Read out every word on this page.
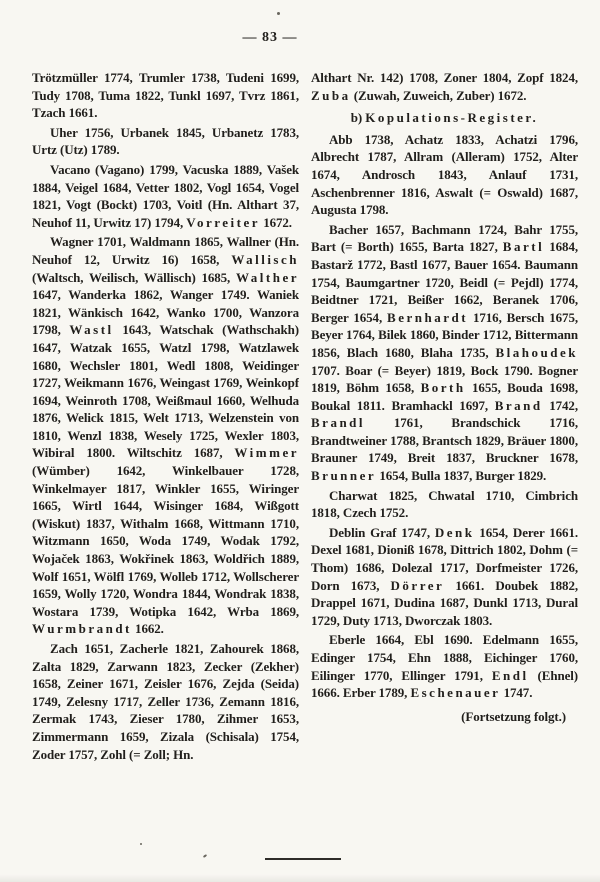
— 83 —

Trötzmüller 1774, Trumler 1738, Tudeni 1699, Tudy 1708, Tuma 1822, Tunkl 1697, Tvrz 1861, Tzach 1661.

Uher 1756, Urbanek 1845, Urbanetz 1783, Urtz (Utz) 1789.

Vacano (Vagano) 1799, Vacuska 1889, Vašek 1884, Veigel 1684, Vetter 1802, Vogl 1654, Vogel 1821, Vogt (Bockt) 1703, Voitl (Hn. Althart 37, Neuhof 11, Urwitz 17) 1794, Vorreiter 1672.

Wagner 1701, Waldmann 1865, Wallner (Hn. Neuhof 12, Urwitz 16) 1658, Wallisch (Waltsch, Weilisch, Wällisch) 1685, Walther 1647, Wanderka 1862, Wanger 1749. Waniek 1821, Wänkisch 1642, Wanko 1700, Wanzora 1798, Wastl 1643, Watschak (Wathschakh) 1647, Watzak 1655, Watzl 1798, Watzlawek 1680, Wechsler 1801, Wedl 1808, Weidinger 1727, Weikmann 1676, Weingast 1769, Weinkopf 1694, Weinroth 1708, Weißmaul 1660, Welhuda 1876, Welick 1815, Welt 1713, Welzenstein von 1810, Wenzl 1838, Wesely 1725, Wexler 1803, Wibiral 1800. Wiltschitz 1687, Wimmer (Wümber) 1642, Winkelbauer 1728, Winkelmayer 1817, Winkler 1655, Wiringer 1665, Wirtl 1644, Wisinger 1684, Wißgott (Wiskut) 1837, Withalm 1668, Wittmann 1710, Witzmann 1650, Woda 1749, Wodak 1792, Wojaček 1863, Wokřinek 1863, Woldřich 1889, Wolf 1651, Wölfl 1769, Wolleb 1712, Wollscherer 1659, Wolly 1720, Wondra 1844, Wondrak 1838, Wostara 1739, Wotipka 1642, Wrba 1869, Wurmbrandt 1662.

Zach 1651, Zacherle 1821, Zahourek 1868, Zalta 1829, Zarwann 1823, Zecker (Zekher) 1658, Zeiner 1671, Zeisler 1676, Zejda (Seida) 1749, Zelesny 1717, Zeller 1736, Zemann 1816, Zermak 1743, Zieser 1780, Zihmer 1653, Zimmermann 1659, Zizala (Schisala) 1754, Zoder 1757, Zohl (= Zoll; Hn.

Althart Nr. 142) 1708, Zoner 1804, Zopf 1824, Zuba (Zuwah, Zuweich, Zuber) 1672.

b) Kopulations-Register.

Abb 1738, Achatz 1833, Achatzi 1796, Albrecht 1787, Allram (Alleram) 1752, Alter 1674, Androsch 1843, Anlauf 1731, Aschenbrenner 1816, Aswalt (= Oswald) 1687, Augusta 1798.

Bacher 1657, Bachmann 1724, Bahr 1755, Bart (= Borth) 1655, Barta 1827, Bartl 1684, Bastarž 1772, Bastl 1677, Bauer 1654. Baumann 1754, Baumgartner 1720, Beidl (= Pejdl) 1774, Beidtner 1721, Beißer 1662, Beranek 1706, Berger 1654, Bernhardt 1716, Bersch 1675, Beyer 1764, Bilek 1860, Binder 1712, Bittermann 1856, Blach 1680, Blaha 1735, Blahoudek 1707. Boar (= Beyer) 1819, Bock 1790. Bogner 1819, Böhm 1658, Borth 1655, Bouda 1698, Boukal 1811. Bramhackl 1697, Brand 1742, Brandl 1761, Brandschick 1716, Brandtweiner 1788, Brantsch 1829, Bräuer 1800, Brauner 1749, Breit 1837, Bruckner 1678, Brunner 1654, Bulla 1837, Burger 1829.

Charwat 1825, Chwatal 1710, Cimbrich 1818, Czech 1752.

Deblin Graf 1747, Denk 1654, Derer 1661. Dexel 1681, Dioniß 1678, Dittrich 1802, Dohm (= Thom) 1686, Dolezal 1717, Dorfmeister 1726, Dorn 1673, Dörrer 1661. Doubek 1882, Drappel 1671, Dudina 1687, Dunkl 1713, Dural 1729, Duty 1713, Dworczak 1803.

Eberle 1664, Ebl 1690. Edelmann 1655, Edinger 1754, Ehn 1888, Eichinger 1760, Eilinger 1770, Ellinger 1791, Endl (Ehnel) 1666. Erber 1789, Eschenauer 1747.

(Fortsetzung folgt.)
